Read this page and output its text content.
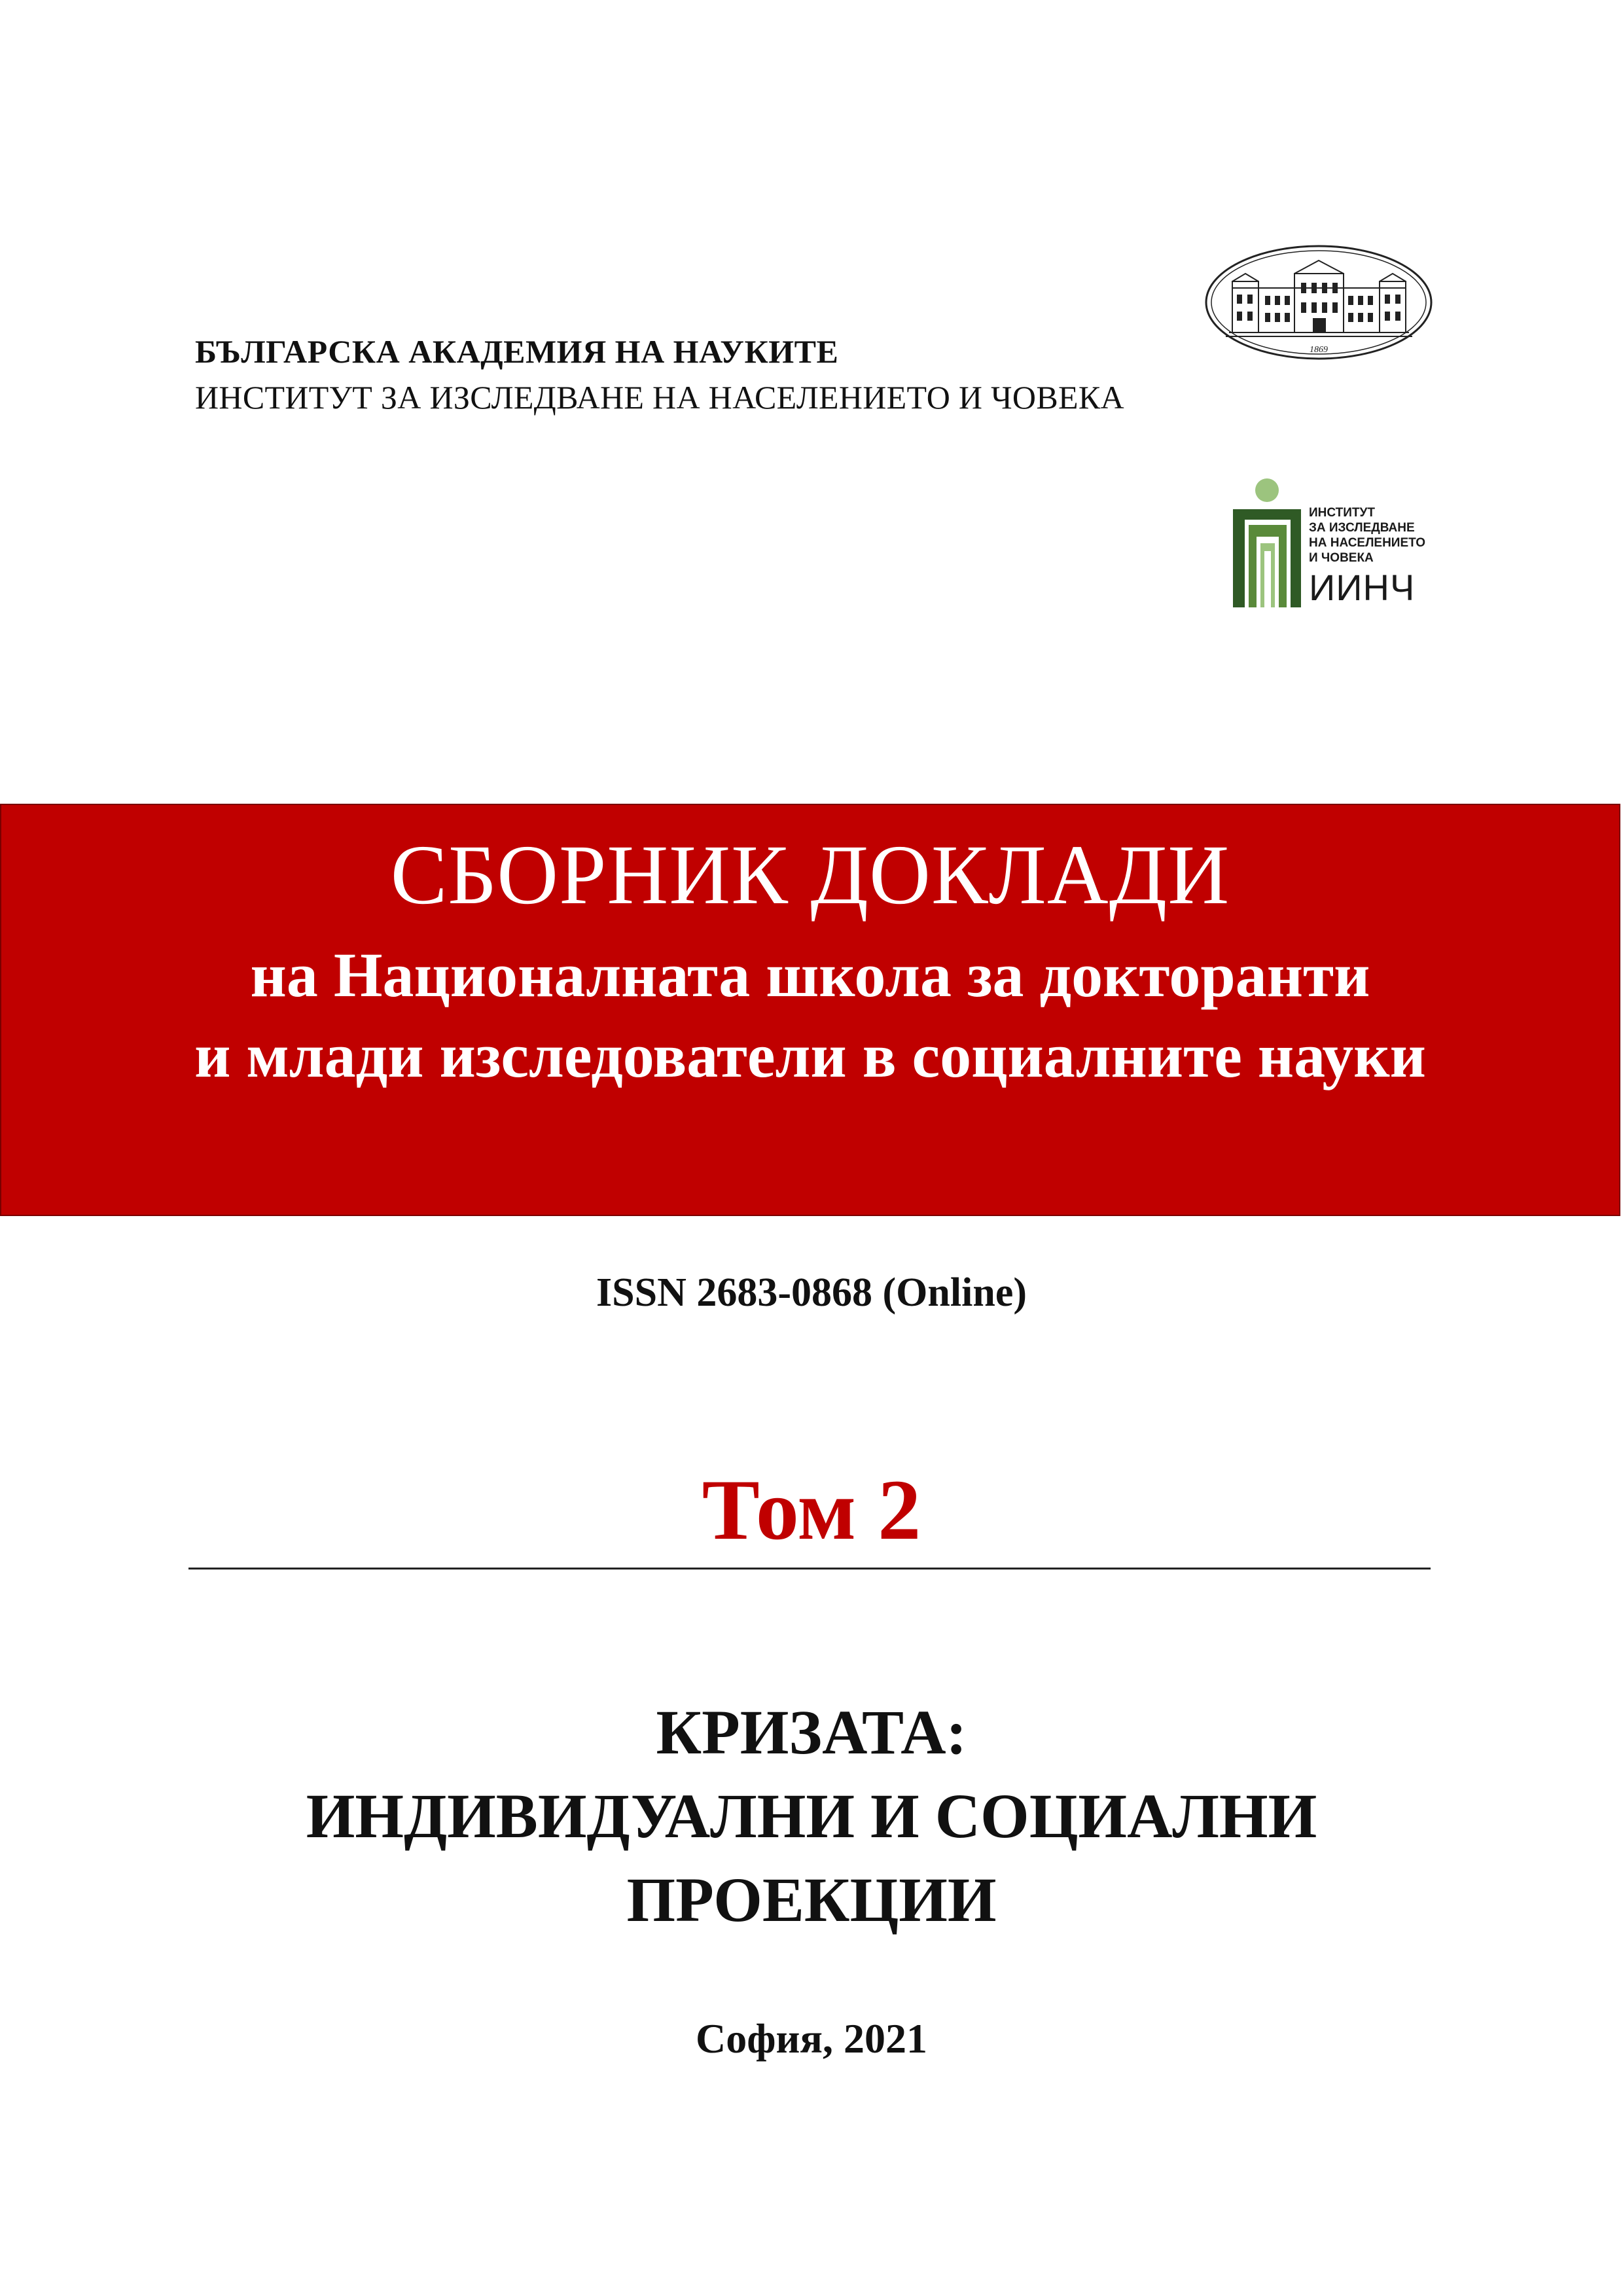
БЪЛГАРСКА АКАДЕМИЯ НА НАУКИТЕ
ИНСТИТУТ ЗА ИЗСЛЕДВАНЕ НА НАСЕЛЕНИЕТО И ЧОВЕКА
1869
ИНСТИТУТ
ЗА ИЗСЛЕДВАНЕ
НА НАСЕЛЕНИЕТО
И ЧОВЕКА
ИИНЧ
СБОРНИК ДОКЛАДИ
на Националната школа за докторанти
и млади изследователи в социалните науки
ISSN 2683-0868 (Online)
Том 2
КРИЗАТА:
ИНДИВИДУАЛНИ И СОЦИАЛНИ
ПРОЕКЦИИ
София, 2021
